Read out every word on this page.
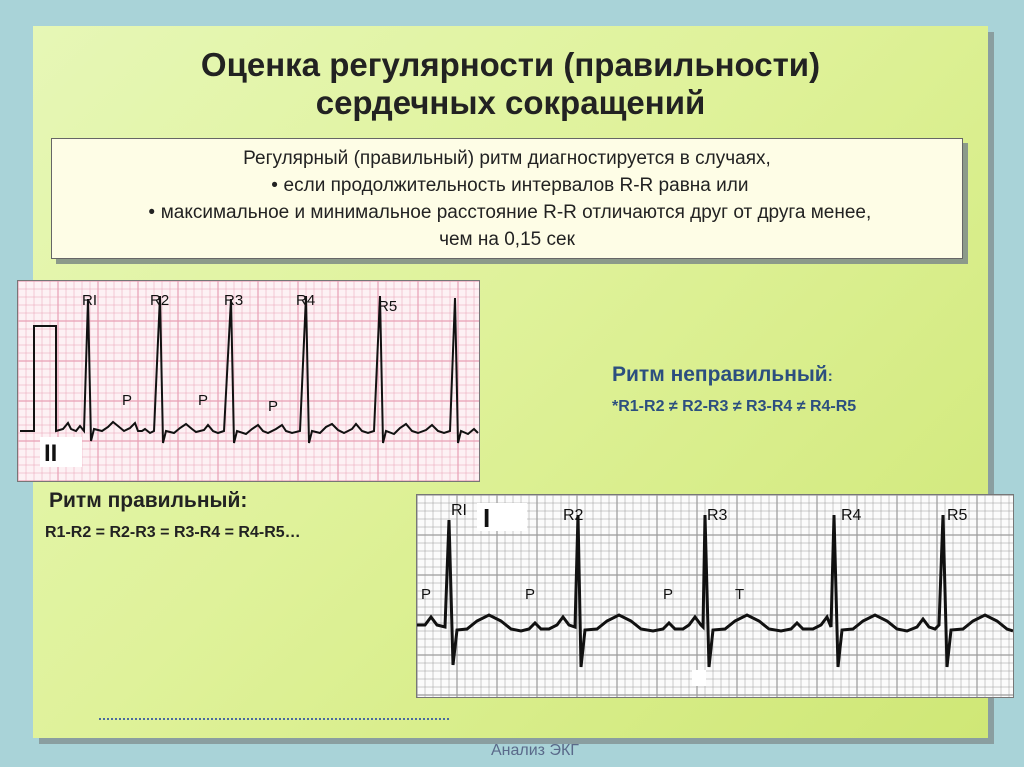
Оценка регулярности (правильности)
сердечных сокращений
Регулярный (правильный) ритм диагностируется в случаях,
• если продолжительность интервалов R-R равна или
• максимальное и минимальное расстояние R-R отличаются друг от друга менее,
чем на 0,15 сек
Анализ ЭКГ
II
RI	R2	R3	R4	R5
P	P	P
I
RI	R2	R3	R4	R5
P	P	P	T
Ритм неправильный:
*R1-R2 ≠ R2-R3 ≠ R3-R4 ≠ R4-R5
Ритм правильный:
R1-R2 = R2-R3 = R3-R4 = R4-R5…
